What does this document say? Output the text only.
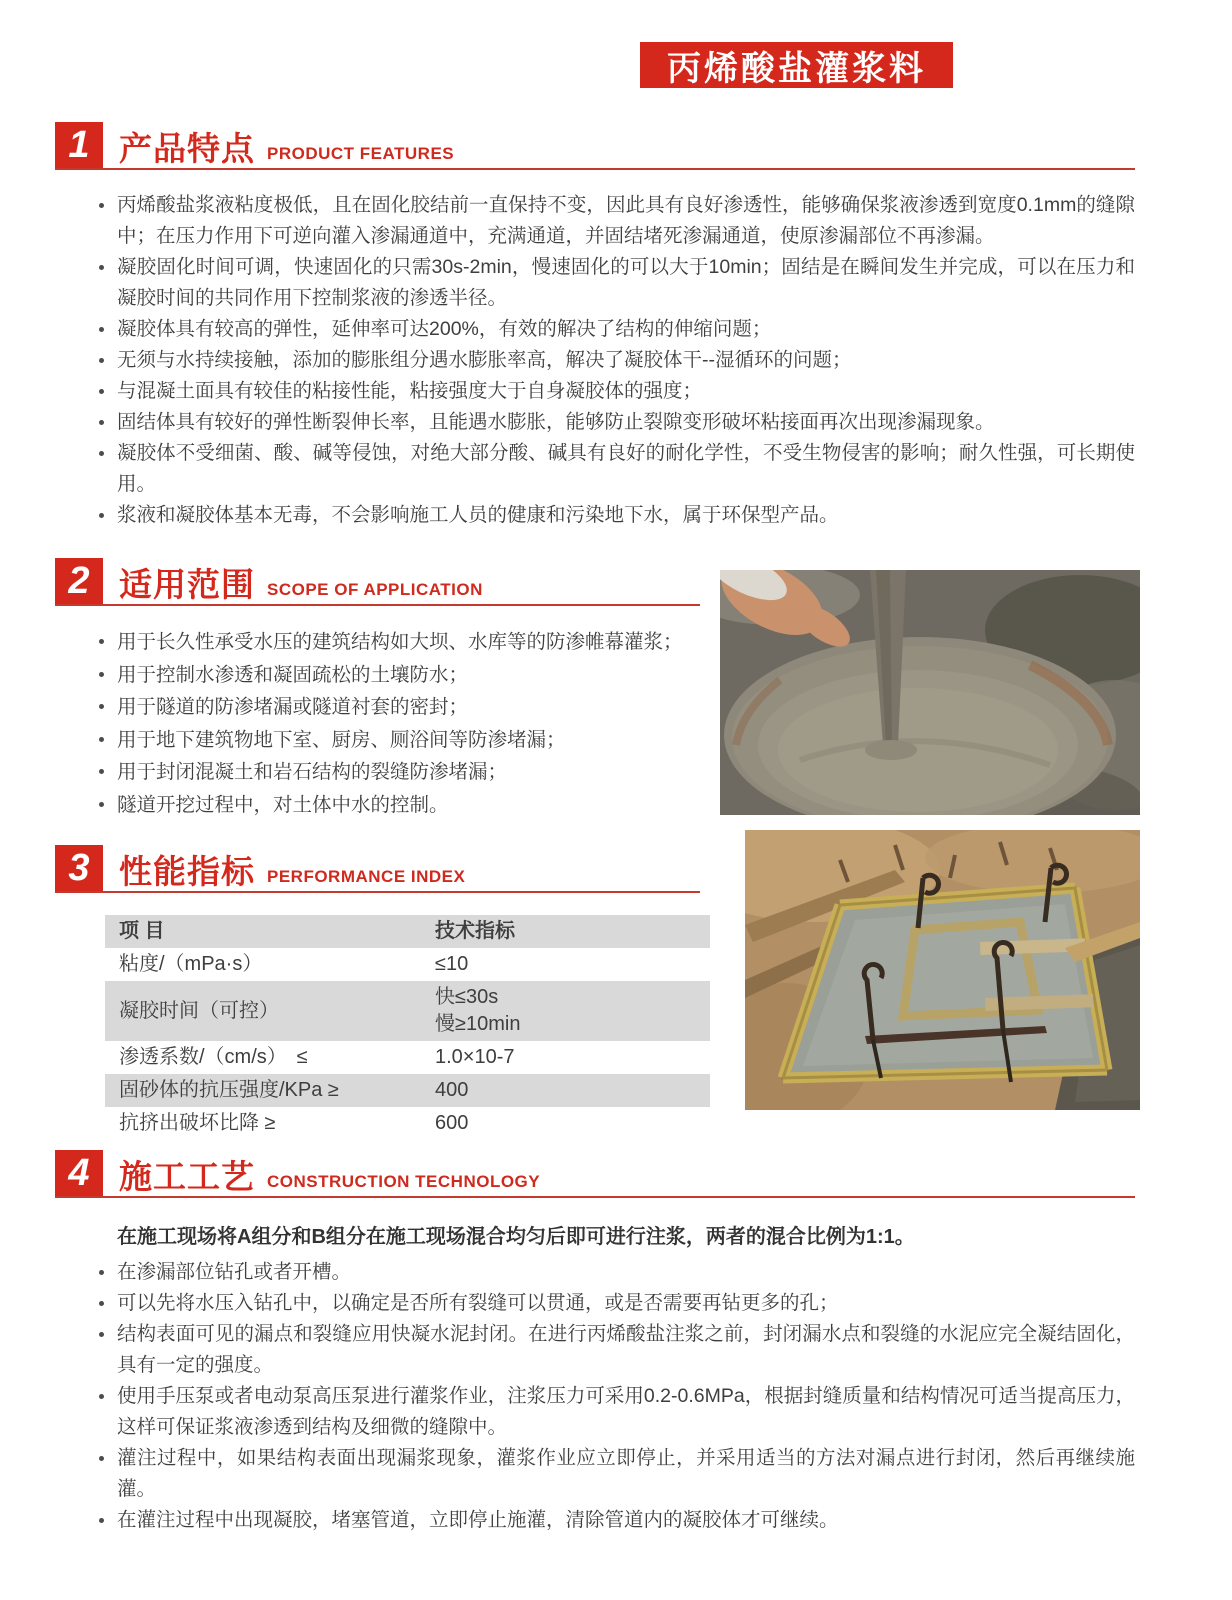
丙烯酸盐灌浆料
1 产品特点 PRODUCT FEATURES
丙烯酸盐浆液粘度极低，且在固化胶结前一直保持不变，因此具有良好渗透性，能够确保浆液渗透到宽度0.1mm的缝隙中；在压力作用下可逆向灌入渗漏通道中，充满通道，并固结堵死渗漏通道，使原渗漏部位不再渗漏。
凝胶固化时间可调，快速固化的只需30s-2min，慢速固化的可以大于10min；固结是在瞬间发生并完成，可以在压力和凝胶时间的共同作用下控制浆液的渗透半径。
凝胶体具有较高的弹性，延伸率可达200%，有效的解决了结构的伸缩问题；
无须与水持续接触，添加的膨胀组分遇水膨胀率高，解决了凝胶体干--湿循环的问题；
与混凝土面具有较佳的粘接性能，粘接强度大于自身凝胶体的强度；
固结体具有较好的弹性断裂伸长率，且能遇水膨胀，能够防止裂隙变形破坏粘接面再次出现渗漏现象。
凝胶体不受细菌、酸、碱等侵蚀，对绝大部分酸、碱具有良好的耐化学性，不受生物侵害的影响；耐久性强，可长期使用。
浆液和凝胶体基本无毒，不会影响施工人员的健康和污染地下水，属于环保型产品。
2 适用范围 SCOPE OF APPLICATION
用于长久性承受水压的建筑结构如大坝、水库等的防渗帷幕灌浆；
用于控制水渗透和凝固疏松的土壤防水；
用于隧道的防渗堵漏或隧道衬套的密封；
用于地下建筑物地下室、厨房、厕浴间等防渗堵漏；
用于封闭混凝土和岩石结构的裂缝防渗堵漏；
隧道开挖过程中，对土体中水的控制。
3 性能指标 PERFORMANCE INDEX
项 目	技术指标
粘度/（mPa·s）	≤10
凝胶时间（可控）	快≤30s
慢≥10min

渗透系数/（cm/s）　≤	1.0×10-7
固砂体的抗压强度/KPa ≥	400
抗挤出破坏比降 ≥	600
4 施工工艺 CONSTRUCTION TECHNOLOGY
在施工现场将A组分和B组分在施工现场混合均匀后即可进行注浆，两者的混合比例为1:1。
在渗漏部位钻孔或者开槽。
可以先将水压入钻孔中，以确定是否所有裂缝可以贯通，或是否需要再钻更多的孔；
结构表面可见的漏点和裂缝应用快凝水泥封闭。在进行丙烯酸盐注浆之前，封闭漏水点和裂缝的水泥应完全凝结固化，具有一定的强度。
使用手压泵或者电动泵高压泵进行灌浆作业，注浆压力可采用0.2-0.6MPa，根据封缝质量和结构情况可适当提高压力，这样可保证浆液渗透到结构及细微的缝隙中。
灌注过程中，如果结构表面出现漏浆现象，灌浆作业应立即停止，并采用适当的方法对漏点进行封闭，然后再继续施灌。
在灌注过程中出现凝胶，堵塞管道，立即停止施灌，清除管道内的凝胶体才可继续。
